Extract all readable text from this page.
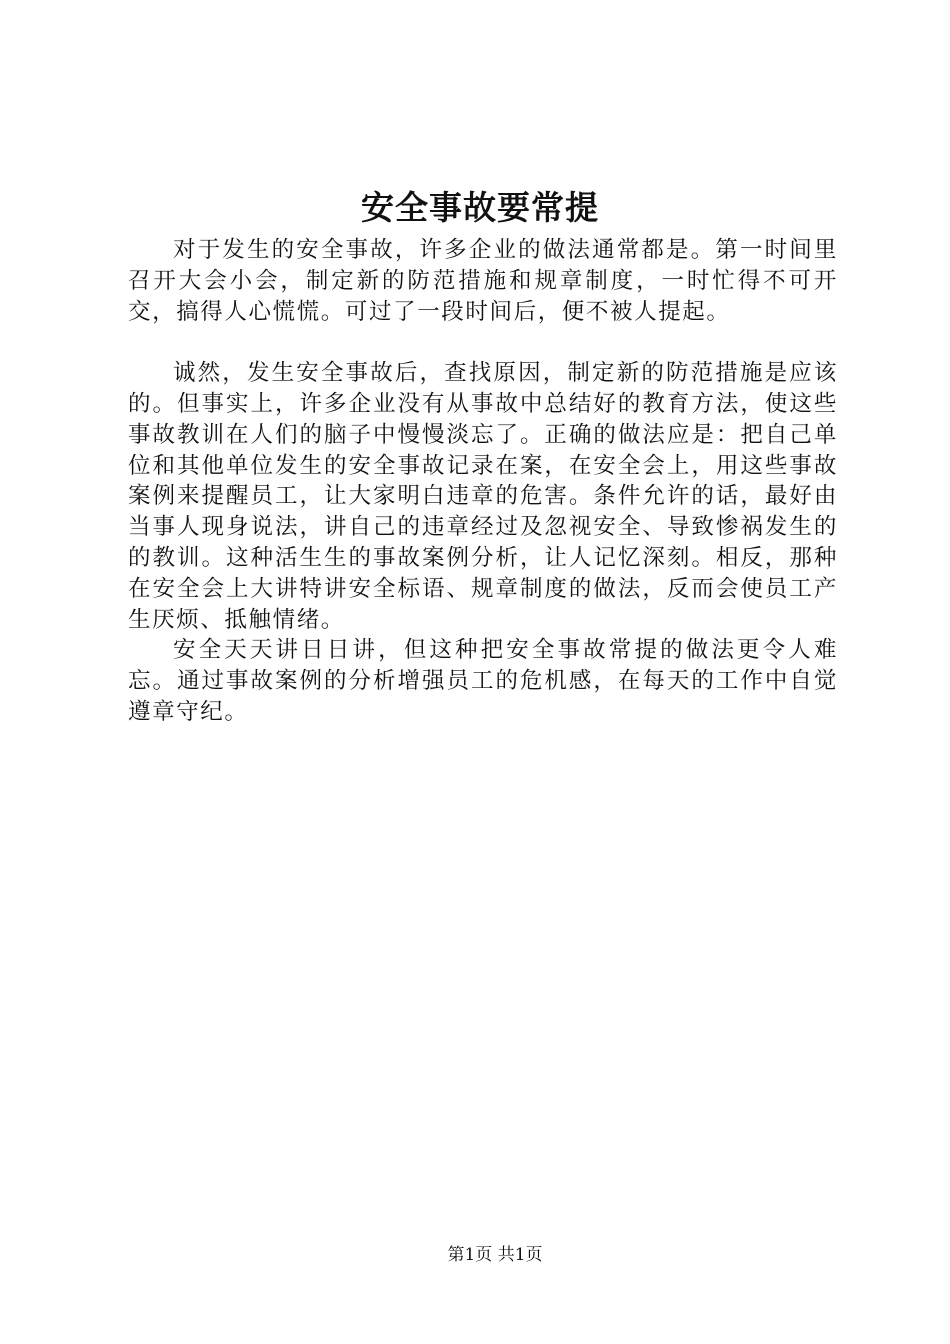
安全事故要常提

对于发生的安全事故，许多企业的做法通常都是。第一时间里召开大会小会，制定新的防范措施和规章制度，一时忙得不可开交，搞得人心慌慌。可过了一段时间后，便不被人提起。

诚然，发生安全事故后，查找原因，制定新的防范措施是应该的。但事实上，许多企业没有从事故中总结好的教育方法，使这些事故教训在人们的脑子中慢慢淡忘了。正确的做法应是：把自己单位和其他单位发生的安全事故记录在案，在安全会上，用这些事故案例来提醒员工，让大家明白违章的危害。条件允许的话，最好由当事人现身说法，讲自己的违章经过及忽视安全、导致惨祸发生的的教训。这种活生生的事故案例分析，让人记忆深刻。相反，那种在安全会上大讲特讲安全标语、规章制度的做法，反而会使员工产生厌烦、抵触情绪。

安全天天讲日日讲，但这种把安全事故常提的做法更令人难忘。通过事故案例的分析增强员工的危机感，在每天的工作中自觉遵章守纪。

第1页 共1页
